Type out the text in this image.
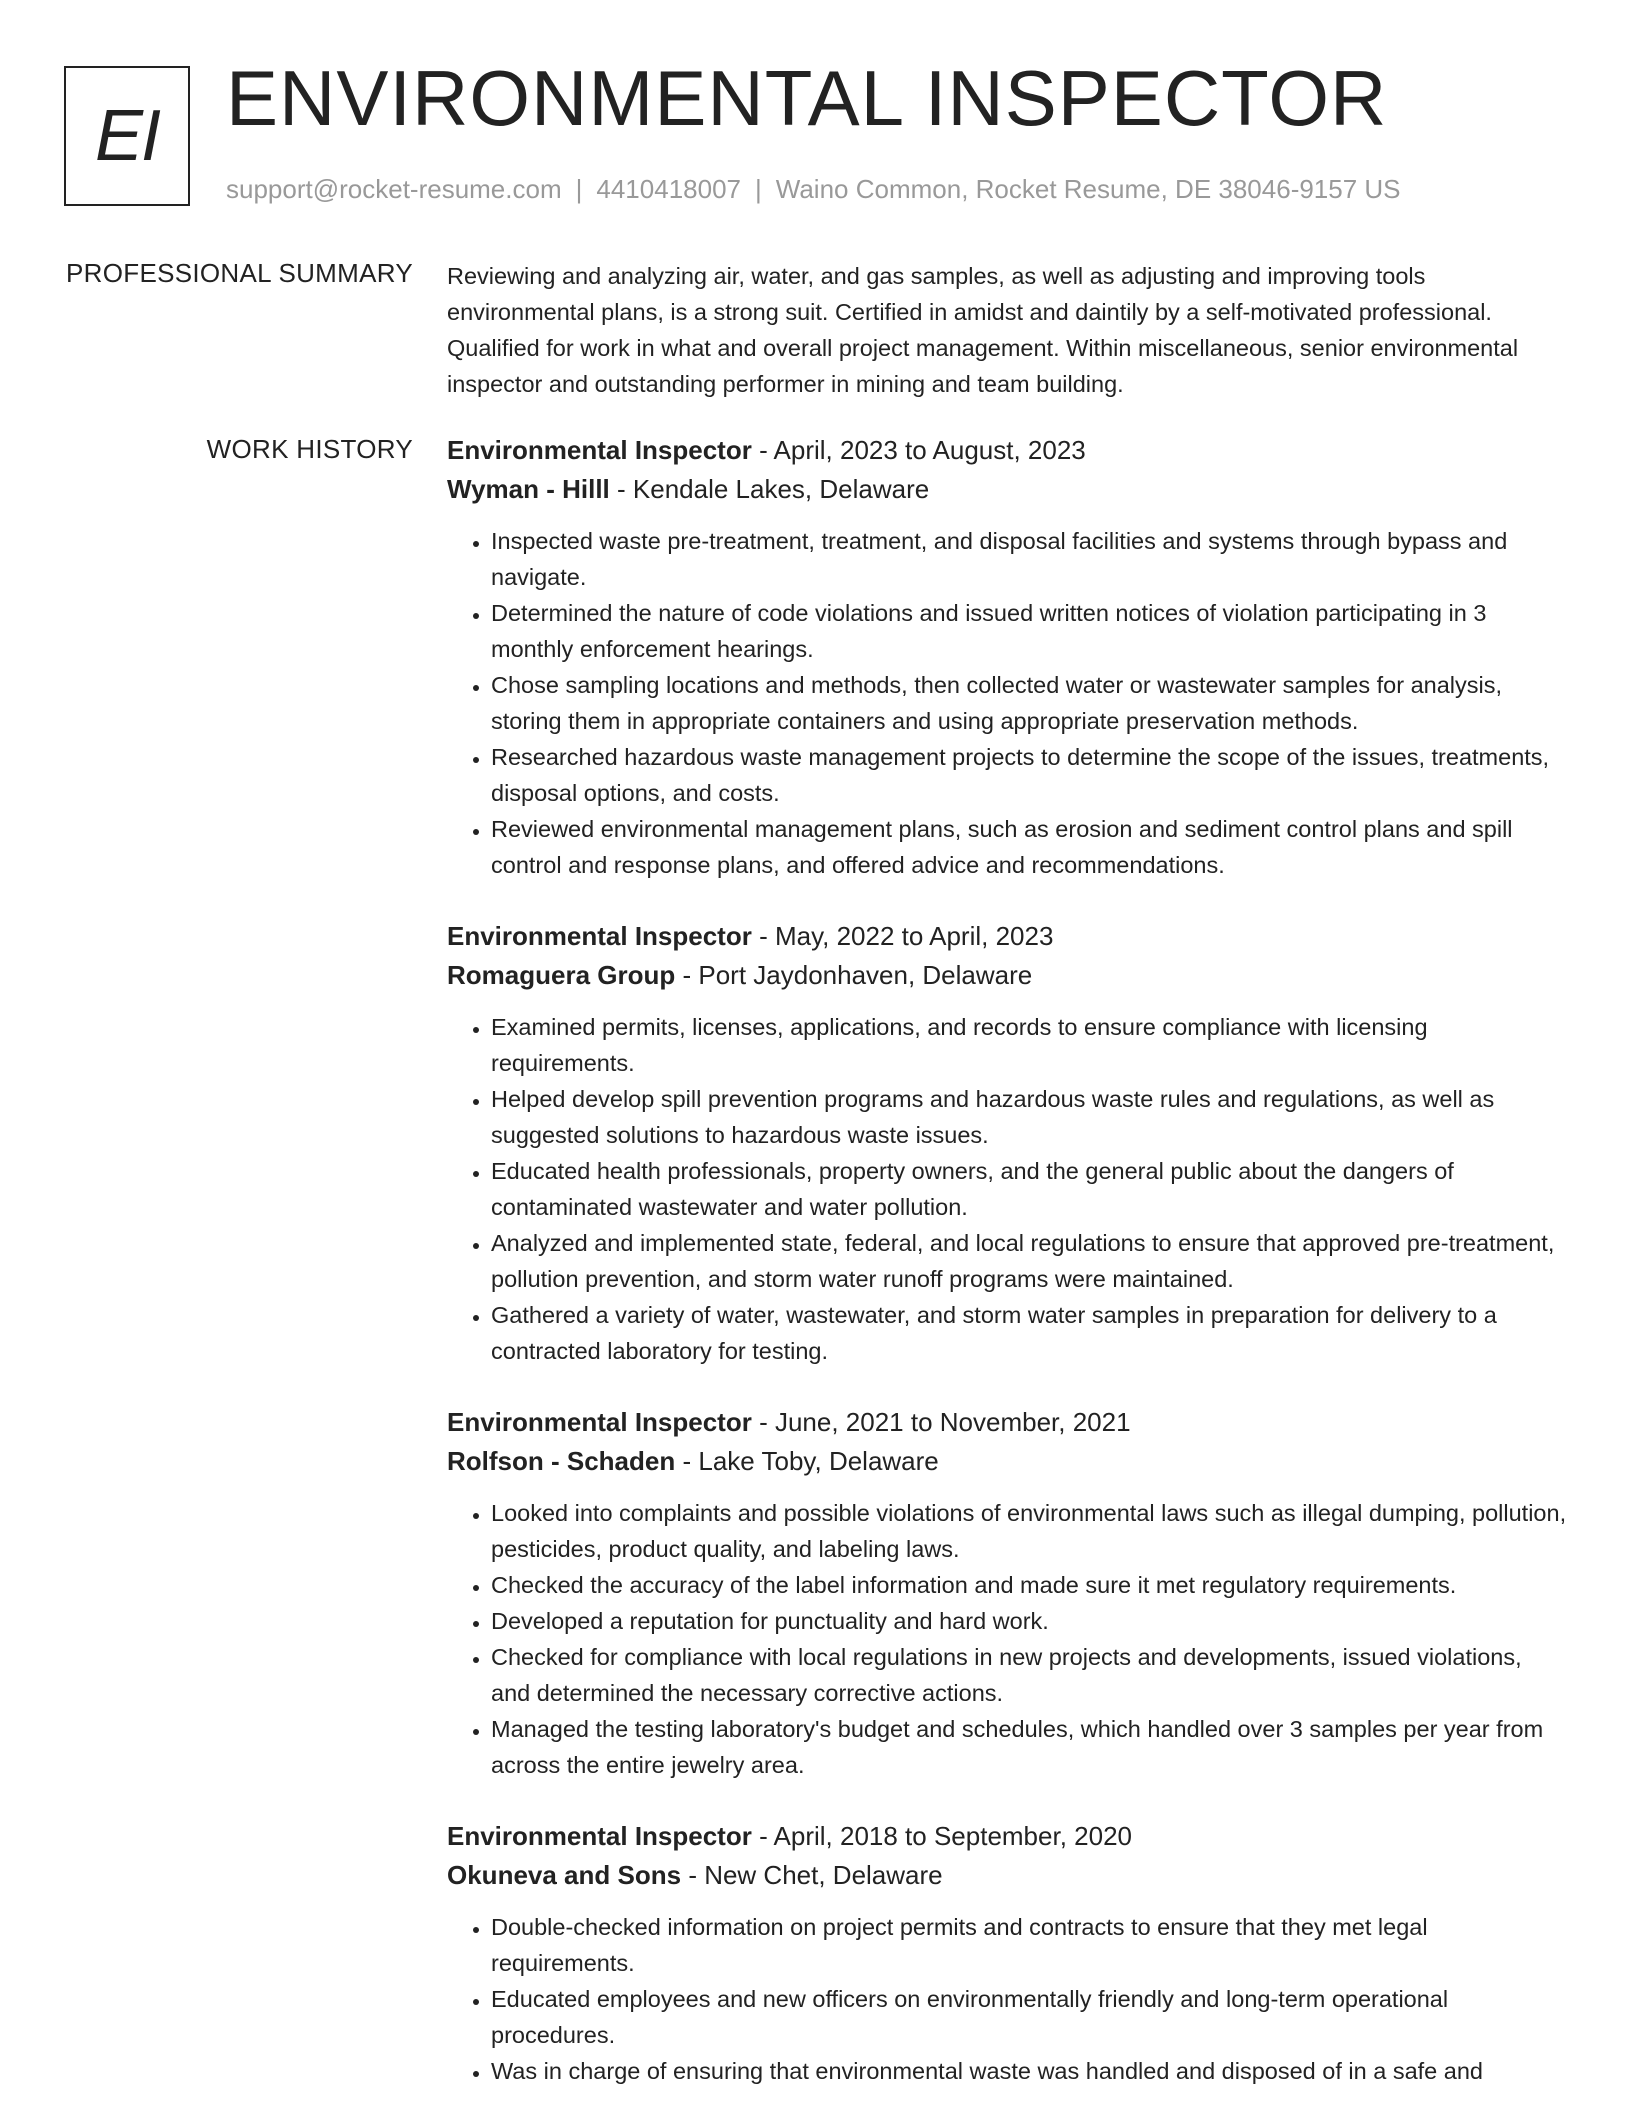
EI ENVIRONMENTAL INSPECTOR
support@rocket-resume.com | 4410418007 | Waino Common, Rocket Resume, DE 38046-9157 US
PROFESSIONAL SUMMARY Reviewing and analyzing air, water, and gas samples, as well as adjusting and improving tools environmental plans, is a strong suit. Certified in amidst and daintily by a self-motivated professional. Qualified for work in what and overall project management. Within miscellaneous, senior environmental inspector and outstanding performer in mining and team building.

WORK HISTORY Environmental Inspector - April, 2023 to August, 2023
Wyman - Hilll - Kendale Lakes, Delaware
• Inspected waste pre-treatment, treatment, and disposal facilities and systems through bypass and navigate.
• Determined the nature of code violations and issued written notices of violation participating in 3 monthly enforcement hearings.
• Chose sampling locations and methods, then collected water or wastewater samples for analysis, storing them in appropriate containers and using appropriate preservation methods.
• Researched hazardous waste management projects to determine the scope of the issues, treatments, disposal options, and costs.
• Reviewed environmental management plans, such as erosion and sediment control plans and spill control and response plans, and offered advice and recommendations.
Environmental Inspector - May, 2022 to April, 2023
Romaguera Group - Port Jaydonhaven, Delaware
• Examined permits, licenses, applications, and records to ensure compliance with licensing requirements.
• Helped develop spill prevention programs and hazardous waste rules and regulations, as well as suggested solutions to hazardous waste issues.
• Educated health professionals, property owners, and the general public about the dangers of contaminated wastewater and water pollution.
• Analyzed and implemented state, federal, and local regulations to ensure that approved pre-treatment, pollution prevention, and storm water runoff programs were maintained.
• Gathered a variety of water, wastewater, and storm water samples in preparation for delivery to a contracted laboratory for testing.
Environmental Inspector - June, 2021 to November, 2021
Rolfson - Schaden - Lake Toby, Delaware
• Looked into complaints and possible violations of environmental laws such as illegal dumping, pollution, pesticides, product quality, and labeling laws.
• Checked the accuracy of the label information and made sure it met regulatory requirements.
• Developed a reputation for punctuality and hard work.
• Checked for compliance with local regulations in new projects and developments, issued violations, and determined the necessary corrective actions.
• Managed the testing laboratory's budget and schedules, which handled over 3 samples per year from across the entire jewelry area.
Environmental Inspector - April, 2018 to September, 2020
Okuneva and Sons - New Chet, Delaware
• Double-checked information on project permits and contracts to ensure that they met legal requirements.
• Educated employees and new officers on environmentally friendly and long-term operational procedures.
• Was in charge of ensuring that environmental waste was handled and disposed of in a safe and
